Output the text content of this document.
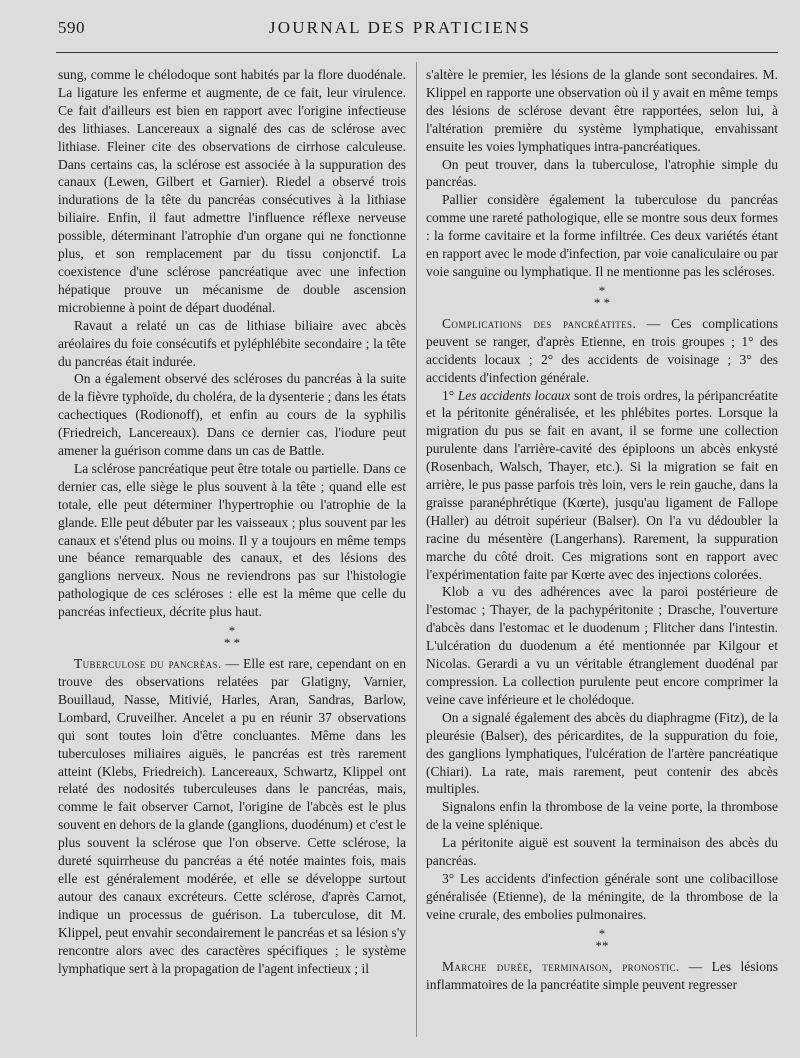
590	JOURNAL DES PRATICIENS

sung, comme le chélodoque sont habités par la flore duodénale. La ligature les enferme et augmente, de ce fait, leur virulence. Ce fait d'ailleurs est bien en rapport avec l'origine infectieuse des lithiases. Lancereaux a signalé des cas de sclérose avec lithiase. Fleiner cite des observations de cirrhose calculeuse. Dans certains cas, la sclérose est associée à la suppuration des canaux (Lewen, Gilbert et Garnier). Riedel a observé trois indurations de la tête du pancréas consécutives à la lithiase biliaire. Enfin, il faut admettre l'influence réflexe nerveuse possible, déterminant l'atrophie d'un organe qui ne fonctionne plus, et son remplacement par du tissu conjonctif. La coexistence d'une sclérose pancréatique avec une infection hépatique prouve un mécanisme de double ascension microbienne à point de départ duodénal.

Ravaut a relaté un cas de lithiase biliaire avec abcès aréolaires du foie consécutifs et pyléphlébite secondaire ; la tête du pancréas était indurée.

On a également observé des scléroses du pancréas à la suite de la fièvre typhoïde, du choléra, de la dysenterie ; dans les états cachectiques (Rodionoff), et enfin au cours de la syphilis (Friedreich, Lancereaux). Dans ce dernier cas, l'iodure peut amener la guérison comme dans un cas de Battle.

La sclérose pancréatique peut être totale ou partielle. Dans ce dernier cas, elle siège le plus souvent à la tête ; quand elle est totale, elle peut déterminer l'hypertrophie ou l'atrophie de la glande. Elle peut débuter par les vaisseaux ; plus souvent par les canaux et s'étend plus ou moins. Il y a toujours en même temps une béance remarquable des canaux, et des lésions des ganglions nerveux. Nous ne reviendrons pas sur l'histologie pathologique de ces scléroses : elle est la même que celle du pancréas infectieux, décrite plus haut.

*
* *

Tuberculose du pancréas. — Elle est rare, cependant on en trouve des observations relatées par Glatigny, Varnier, Bouillaud, Nasse, Mitivié, Harles, Aran, Sandras, Barlow, Lombard, Cruveilher. Ancelet a pu en réunir 37 observations qui sont toutes loin d'être concluantes. Même dans les tuberculoses miliaires aiguës, le pancréas est très rarement atteint (Klebs, Friedreich). Lancereaux, Schwartz, Klippel ont relaté des nodosités tuberculeuses dans le pancréas, mais, comme le fait observer Carnot, l'origine de l'abcès est le plus souvent en dehors de la glande (ganglions, duodénum) et c'est le plus souvent la sclérose que l'on observe. Cette sclérose, la dureté squirrheuse du pancréas a été notée maintes fois, mais elle est généralement modérée, et elle se développe surtout autour des canaux excréteurs. Cette sclérose, d'après Carnot, indique un processus de guérison. La tuberculose, dit M. Klippel, peut envahir secondairement le pancréas et sa lésion s'y rencontre alors avec des caractères spécifiques ; le système lymphatique sert à la propagation de l'agent infectieux ; il

s'altère le premier, les lésions de la glande sont secondaires. M. Klippel en rapporte une observation où il y avait en même temps des lésions de sclérose devant être rapportées, selon lui, à l'altération première du système lymphatique, envahissant ensuite les voies lymphatiques intra-pancréatiques.

On peut trouver, dans la tuberculose, l'atrophie simple du pancréas.

Pallier considère également la tuberculose du pancréas comme une rareté pathologique, elle se montre sous deux formes : la forme cavitaire et la forme infiltrée. Ces deux variétés étant en rapport avec le mode d'infection, par voie canaliculaire ou par voie sanguine ou lymphatique. Il ne mentionne pas les scléroses.

*
* *

Complications des pancréatites. — Ces complications peuvent se ranger, d'après Etienne, en trois groupes ; 1° des accidents locaux ; 2° des accidents de voisinage ; 3° des accidents d'infection générale.

1° Les accidents locaux sont de trois ordres, la péripancréatite et la péritonite généralisée, et les phlébites portes. Lorsque la migration du pus se fait en avant, il se forme une collection purulente dans l'arrière-cavité des épiploons un abcès enkysté (Rosenbach, Walsch, Thayer, etc.). Si la migration se fait en arrière, le pus passe parfois très loin, vers le rein gauche, dans la graisse paranéphrétique (Kœrte), jusqu'au ligament de Fallope (Haller) au détroit supérieur (Balser). On l'a vu dédoubler la racine du mésentère (Langerhans). Rarement, la suppuration marche du côté droit. Ces migrations sont en rapport avec l'expérimentation faite par Kœrte avec des injections colorées.

Klob a vu des adhérences avec la paroi postérieure de l'estomac ; Thayer, de la pachypéritonite ; Drasche, l'ouverture d'abcès dans l'estomac et le duodenum ; Flitcher dans l'intestin. L'ulcération du duodenum a été mentionnée par Kilgour et Nicolas. Gerardi a vu un véritable étranglement duodénal par compression. La collection purulente peut encore comprimer la veine cave inférieure et le cholédoque.

On a signalé également des abcès du diaphragme (Fitz), de la pleurésie (Balser), des péricardites, de la suppuration du foie, des ganglions lymphatiques, l'ulcération de l'artère pancréatique (Chiari). La rate, mais rarement, peut contenir des abcès multiples.

Signalons enfin la thrombose de la veine porte, la thrombose de la veine splénique.

La péritonite aiguë est souvent la terminaison des abcès du pancréas.

3° Les accidents d'infection générale sont une colibacillose généralisée (Etienne), de la méningite, de la thrombose de la veine crurale, des embolies pulmonaires.

*
**

Marche durée, terminaison, pronostic. — Les lésions inflammatoires de la pancréatite simple peuvent regresser
